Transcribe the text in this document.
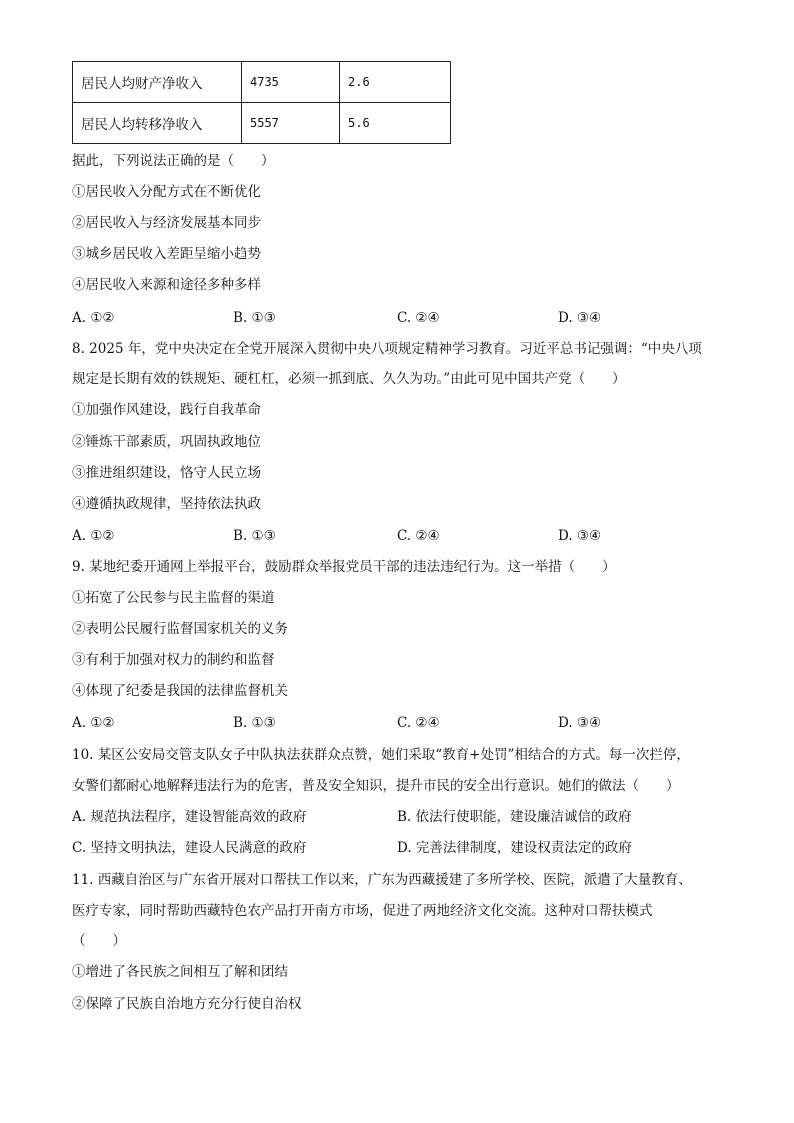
居民人均财产净收入	4735	2.6
居民人均转移净收入	5557	5.6
据此，下列说法正确的是（　　）
①居民收入分配方式在不断优化
②居民收入与经济发展基本同步
③城乡居民收入差距呈缩小趋势
④居民收入来源和途径多种多样
A. ①②	B. ①③	C. ②④	D. ③④
8. 2025 年，党中央决定在全党开展深入贯彻中央八项规定精神学习教育。习近平总书记强调：“中央八项
规定是长期有效的铁规矩、硬杠杠，必须一抓到底、久久为功。”由此可见中国共产党（　　）
①加强作风建设，践行自我革命
②锤炼干部素质，巩固执政地位
③推进组织建设，恪守人民立场
④遵循执政规律，坚持依法执政
A. ①②	B. ①③	C. ②④	D. ③④
9. 某地纪委开通网上举报平台，鼓励群众举报党员干部的违法违纪行为。这一举措（　　）
①拓宽了公民参与民主监督的渠道
②表明公民履行监督国家机关的义务
③有利于加强对权力的制约和监督
④体现了纪委是我国的法律监督机关
A. ①②	B. ①③	C. ②④	D. ③④
10. 某区公安局交管支队女子中队执法获群众点赞，她们采取“教育+处罚”相结合的方式。每一次拦停，
女警们都耐心地解释违法行为的危害，普及安全知识，提升市民的安全出行意识。她们的做法（　　）
A. 规范执法程序，建设智能高效的政府	B. 依法行使职能，建设廉洁诚信的政府
C. 坚持文明执法，建设人民满意的政府	D. 完善法律制度，建设权责法定的政府
11. 西藏自治区与广东省开展对口帮扶工作以来，广东为西藏援建了多所学校、医院，派遣了大量教育、
医疗专家，同时帮助西藏特色农产品打开南方市场，促进了两地经济文化交流。这种对口帮扶模式
（　　）
①增进了各民族之间相互了解和团结
②保障了民族自治地方充分行使自治权
